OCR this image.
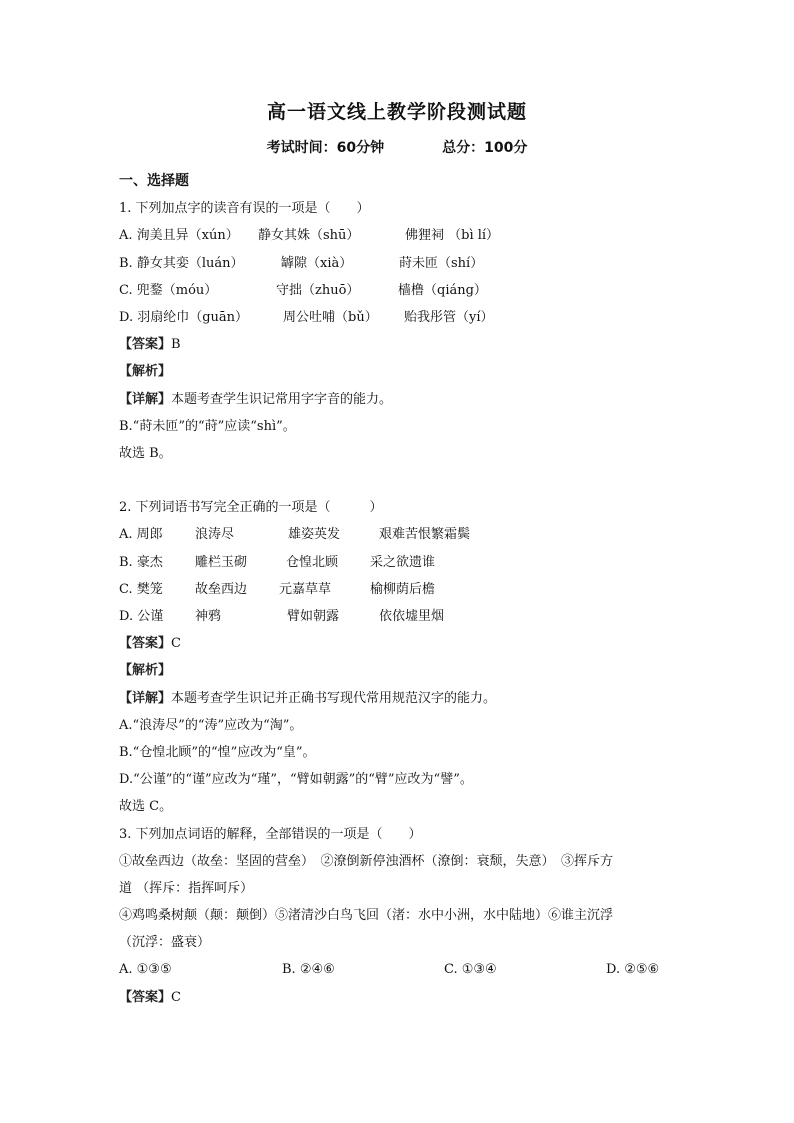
高一语文线上教学阶段测试题
考试时间：60分钟	总分：100分
一、选择题
1. 下列加点字的读音有误的一项是（　　）
A. 洵美且异（xún） 静女其姝（shū）	佛狸祠 （bì lí）
B. 静女其娈（luán）	罅隙（xià）	莳未匝（shí）
C. 兜鍪（móu）	守拙（zhuō）	樯橹（qiáng）
D. 羽扇纶巾（guān）	周公吐哺（bǔ） 贻我彤管（yí）
【答案】B
【解析】
【详解】本题考查学生识记常用字字音的能力。
B.“莳未匝”的“莳”应读“shì”。
故选 B。
2. 下列词语书写完全正确的一项是（　　　）
A. 周郎 浪涛尽	雄姿英发	艰难苦恨繁霜鬓
B. 豪杰 雕栏玉砌	仓惶北顾 采之欲遗谁
C. 樊笼 故垒西边 元嘉草草	榆柳荫后檐
D. 公谨 神鸦	臂如朝露	依依墟里烟
【答案】C
【解析】
【详解】本题考查学生识记并正确书写现代常用规范汉字的能力。
A.“浪涛尽”的“涛”应改为“淘”。
B.“仓惶北顾”的“惶”应改为“皇”。
D.“公谨”的“谨”应改为“瑾”，“臂如朝露”的“臂”应改为“譬”。
故选 C。
3. 下列加点词语的解释，全部错误的一项是（　　）
①故垒西边（故垒：坚固的营垒）　②潦倒新停浊酒杯（潦倒：衰颓，失意）　③挥斥方
道 （挥斥：指挥呵斥）
④鸡鸣桑树颠（颠：颠倒）⑤渚清沙白鸟飞回（渚：水中小洲，水中陆地）⑥谁主沉浮
（沉浮：盛衰）
A. ①③⑤	B. ②④⑥	C. ①③④	D. ②⑤⑥
【答案】C
